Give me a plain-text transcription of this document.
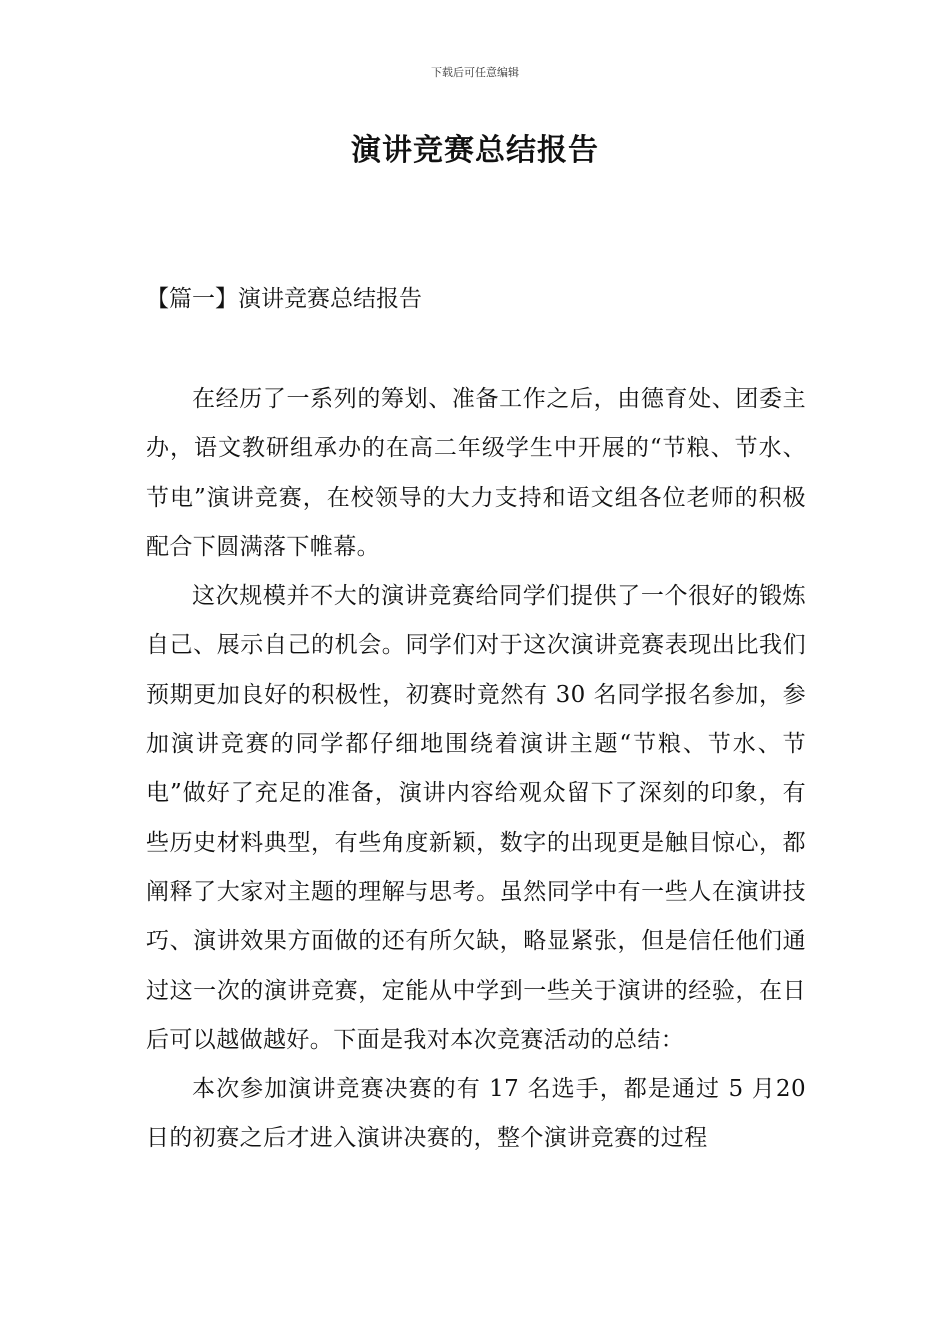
下载后可任意编辑
演讲竞赛总结报告
【篇一】演讲竞赛总结报告

在经历了一系列的筹划、准备工作之后，由德育处、团委主办，语文教研组承办的在高二年级学生中开展的“节粮、节水、节电”演讲竞赛，在校领导的大力支持和语文组各位老师的积极配合下圆满落下帷幕。

这次规模并不大的演讲竞赛给同学们提供了一个很好的锻炼自己、展示自己的机会。同学们对于这次演讲竞赛表现出比我们预期更加良好的积极性，初赛时竟然有 30 名同学报名参加，参加演讲竞赛的同学都仔细地围绕着演讲主题“节粮、节水、节电”做好了充足的准备，演讲内容给观众留下了深刻的印象，有些历史材料典型，有些角度新颖，数字的出现更是触目惊心，都阐释了大家对主题的理解与思考。虽然同学中有一些人在演讲技巧、演讲效果方面做的还有所欠缺，略显紧张，但是信任他们通过这一次的演讲竞赛，定能从中学到一些关于演讲的经验，在日后可以越做越好。下面是我对本次竞赛活动的总结：

本次参加演讲竞赛决赛的有 17 名选手，都是通过 5 月20 日的初赛之后才进入演讲决赛的，整个演讲竞赛的过程
